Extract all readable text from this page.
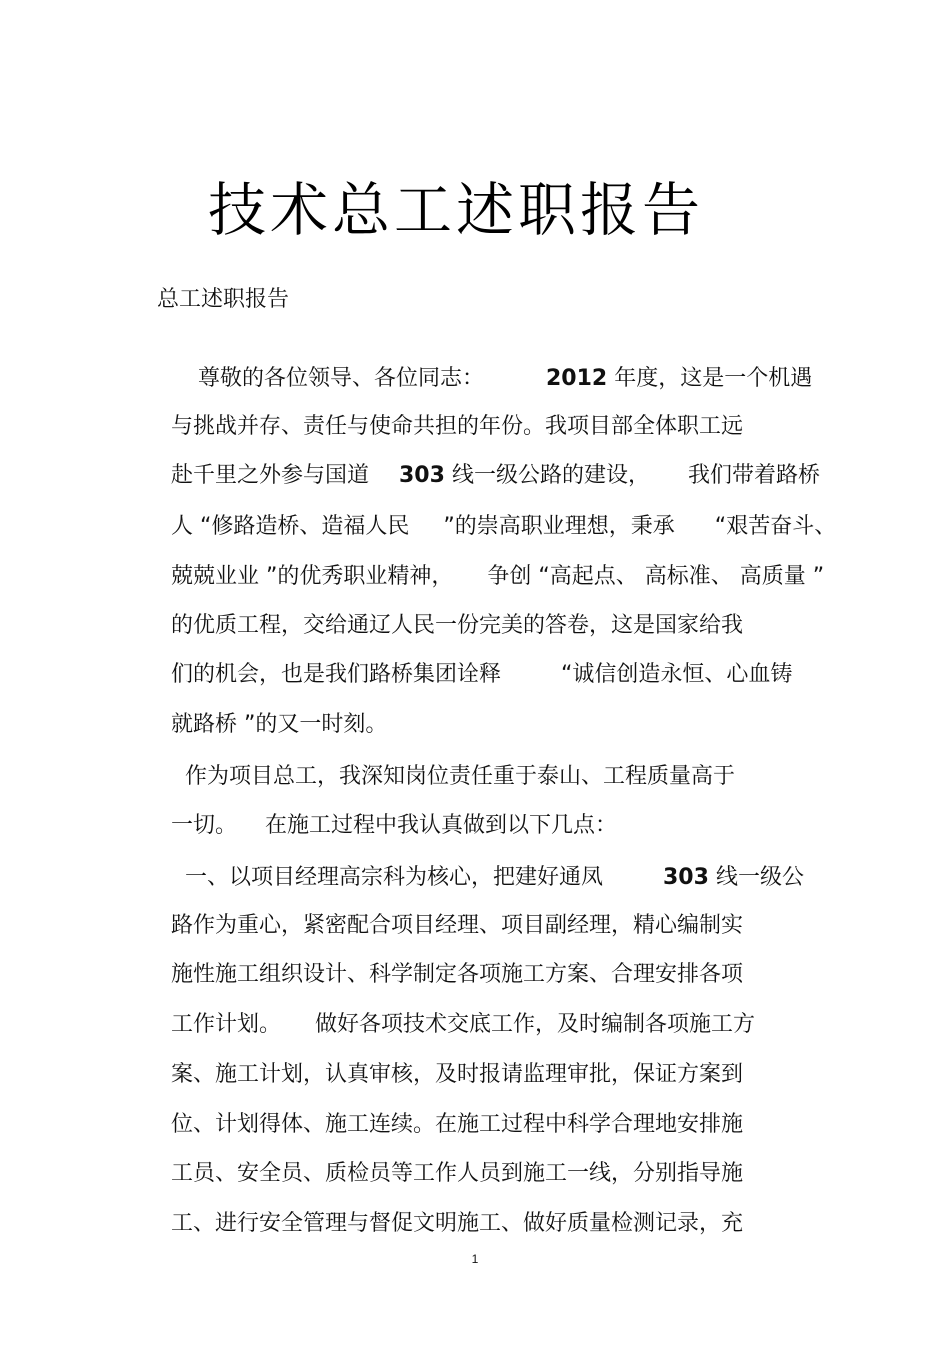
技术总工述职报告
总工述职报告

尊敬的各位领导、各位同志：	2012 年度，这是一个机遇

与挑战并存、责任与使命共担的年份。我项目部全体职工远

赴千里之外参与国道 303 线一级公路的建设， 我们带着路桥

人 “修路造桥、造福人民 ”的崇高职业理想，秉承 “艰苦奋斗、

兢兢业业 ”的优秀职业精神， 争创 “高起点、 高标准、 高质量 ”

的优质工程，交给通辽人民一份完美的答卷，这是国家给我

们的机会，也是我们路桥集团诠释	“诚信创造永恒、心血铸

就路桥 ”的又一时刻。

作为项目总工，我深知岗位责任重于泰山、工程质量高于

一切。 在施工过程中我认真做到以下几点：

一、以项目经理高宗科为核心，把建好通凤	303 线一级公

路作为重心，紧密配合项目经理、项目副经理，精心编制实

施性施工组织设计、科学制定各项施工方案、合理安排各项

工作计划。 做好各项技术交底工作，及时编制各项施工方

案、施工计划，认真审核，及时报请监理审批，保证方案到

位、计划得体、施工连续。在施工过程中科学合理地安排施

工员、安全员、质检员等工作人员到施工一线，分别指导施

工、进行安全管理与督促文明施工、做好质量检测记录，充

1
